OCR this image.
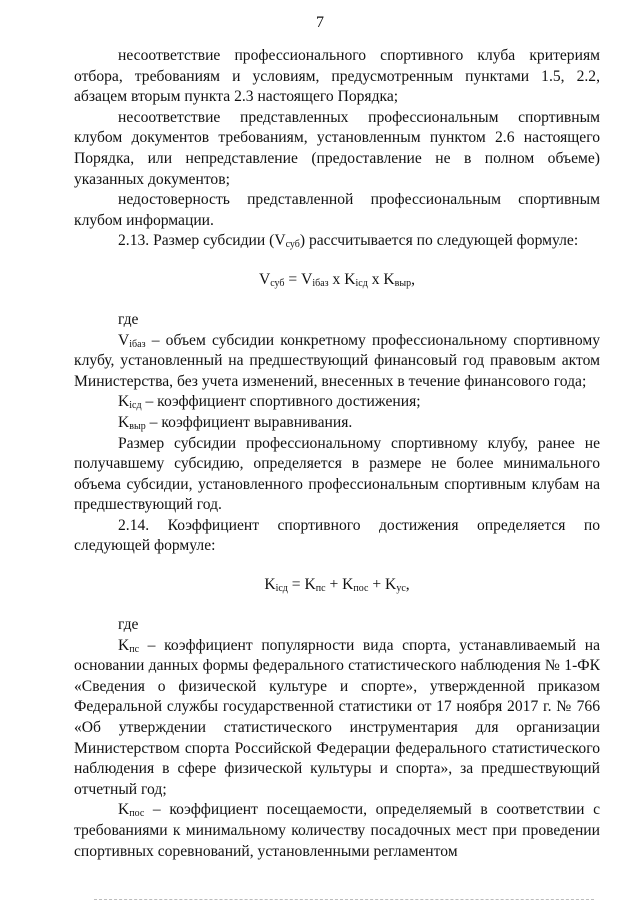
7

несоответствие профессионального спортивного клуба критериям отбора, требованиям и условиям, предусмотренным пунктами 1.5, 2.2, абзацем вторым пункта 2.3 настоящего Порядка;

несоответствие представленных профессиональным спортивным клубом документов требованиям, установленным пунктом 2.6 настоящего Порядка, или непредставление (предоставление не в полном объеме) указанных документов;

недостоверность представленной профессиональным спортивным клубом информации.

2.13. Размер субсидии $(V_{суб})$ рассчитывается по следующей формуле:

$V_{суб} = V_{iбаз}$ х $K_{iсд}$ х $K_{выр}$,

где

$V_{iбаз}$ – объем субсидии конкретному профессиональному спортивному клубу, установленный на предшествующий финансовый год правовым актом Министерства, без учета изменений, внесенных в течение финансового года;

$K_{iсд}$ – коэффициент спортивного достижения;

$K_{выр}$ – коэффициент выравнивания.

Размер субсидии профессиональному спортивному клубу, ранее не получавшему субсидию, определяется в размере не более минимального объема субсидии, установленного профессиональным спортивным клубам на предшествующий год.

2.14. Коэффициент спортивного достижения определяется по следующей формуле:

$K_{iсд} = K_{пс} + K_{пос} + K_{ус}$,

где

$K_{пс}$ – коэффициент популярности вида спорта, устанавливаемый на основании данных формы федерального статистического наблюдения № 1-ФК «Сведения о физической культуре и спорте», утвержденной приказом Федеральной службы государственной статистики от 17 ноября 2017 г. № 766 «Об утверждении статистического инструментария для организации Министерством спорта Российской Федерации федерального статистического наблюдения в сфере физической культуры и спорта», за предшествующий отчетный год;

$K_{пос}$ – коэффициент посещаемости, определяемый в соответствии с требованиями к минимальному количеству посадочных мест при проведении спортивных соревнований, установленными регламентом
